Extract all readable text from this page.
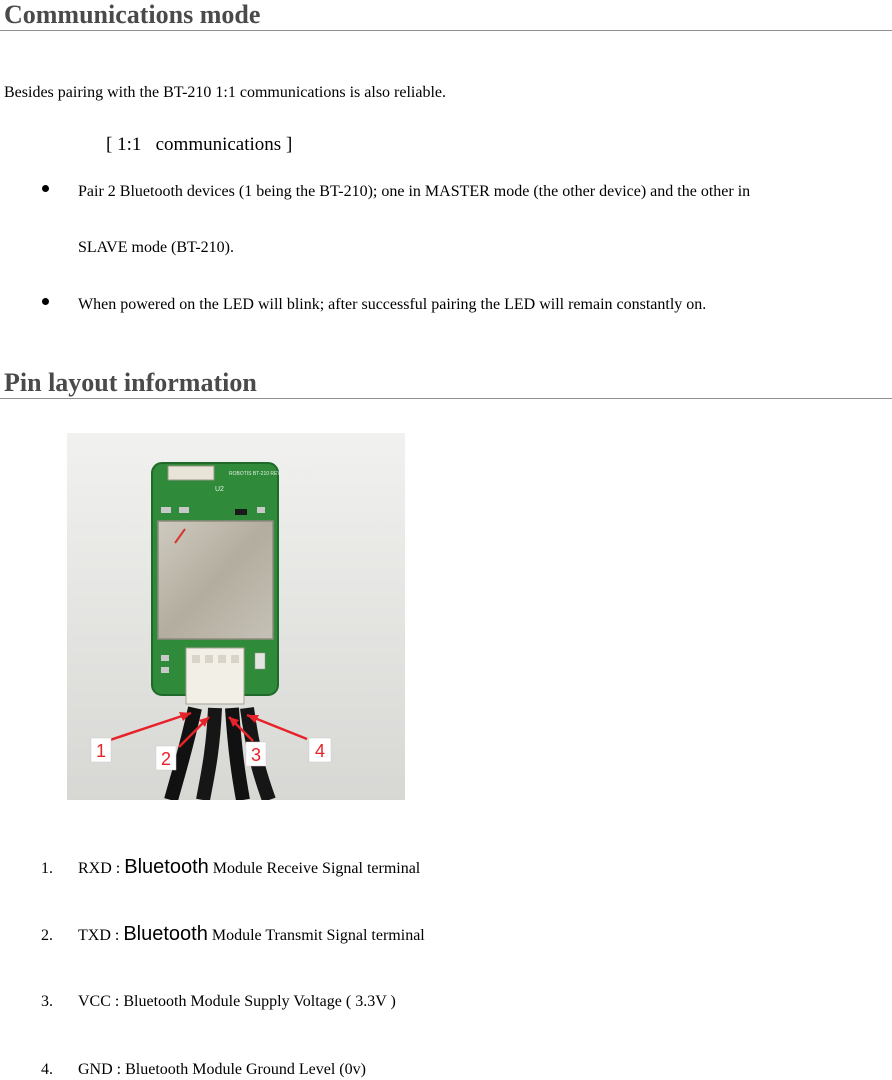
Communications mode
Besides pairing with the BT-210 1:1 communications is also reliable.
[ 1:1   communications ]
Pair 2 Bluetooth devices (1 being the BT-210); one in MASTER mode (the other device) and the other in
SLAVE mode (BT-210).
When powered on the LED will blink; after successful pairing the LED will remain constantly on.
Pin layout information
U2
ROBOTIS BT-210 REV 0 2012-11-20
1	2	3	4
1. RXD : Bluetooth Module Receive Signal terminal
2. TXD : Bluetooth Module Transmit Signal terminal
3. VCC : Bluetooth Module Supply Voltage ( 3.3V )
4. GND : Bluetooth Module Ground Level (0v)
